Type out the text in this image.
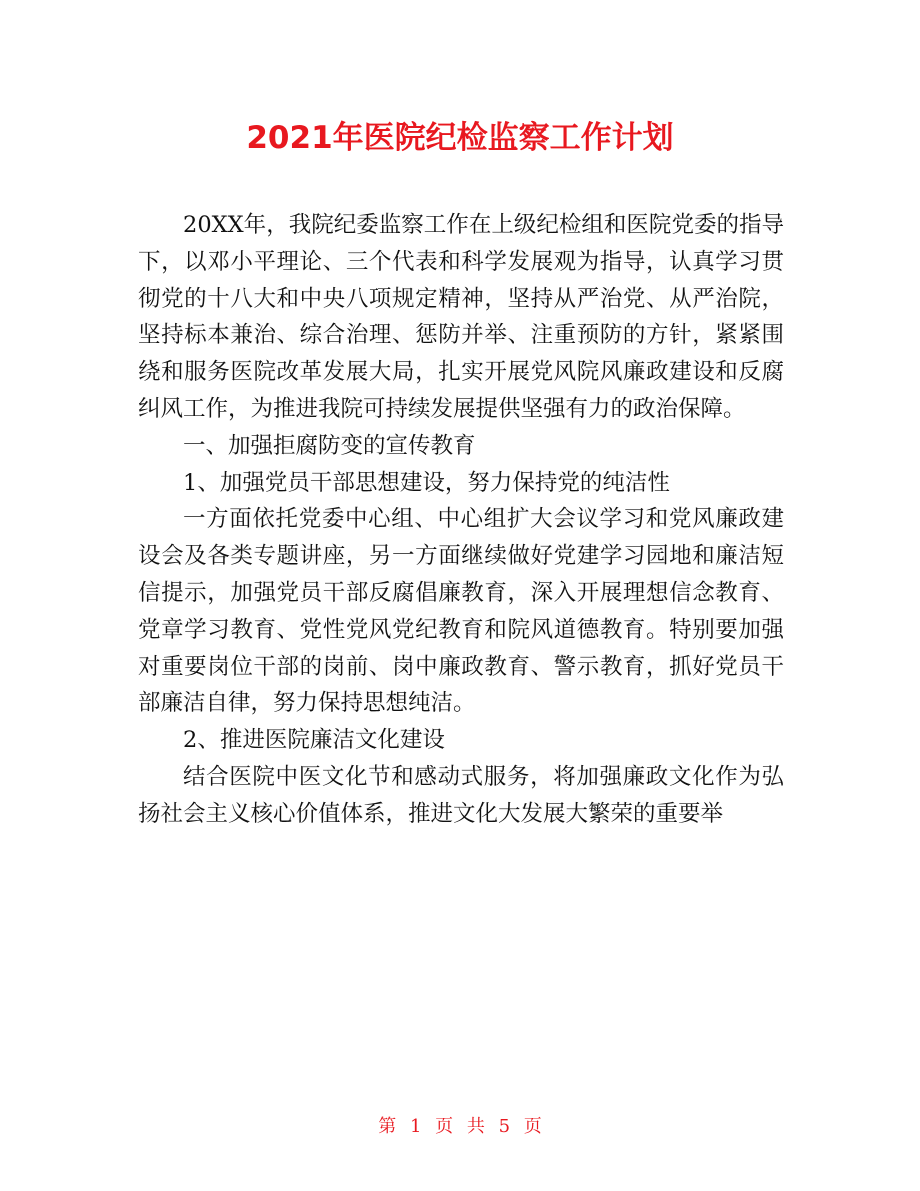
2021年医院纪检监察工作计划

20XX年，我院纪委监察工作在上级纪检组和医院党委的指导下，以邓小平理论、三个代表和科学发展观为指导，认真学习贯彻党的十八大和中央八项规定精神，坚持从严治党、从严治院，坚持标本兼治、综合治理、惩防并举、注重预防的方针，紧紧围绕和服务医院改革发展大局，扎实开展党风院风廉政建设和反腐纠风工作，为推进我院可持续发展提供坚强有力的政治保障。

一、加强拒腐防变的宣传教育

1、加强党员干部思想建设，努力保持党的纯洁性

一方面依托党委中心组、中心组扩大会议学习和党风廉政建设会及各类专题讲座，另一方面继续做好党建学习园地和廉洁短信提示，加强党员干部反腐倡廉教育，深入开展理想信念教育、党章学习教育、党性党风党纪教育和院风道德教育。特别要加强对重要岗位干部的岗前、岗中廉政教育、警示教育，抓好党员干部廉洁自律，努力保持思想纯洁。

2、推进医院廉洁文化建设

结合医院中医文化节和感动式服务，将加强廉政文化作为弘扬社会主义核心价值体系，推进文化大发展大繁荣的重要举

第 1 页 共 5 页
